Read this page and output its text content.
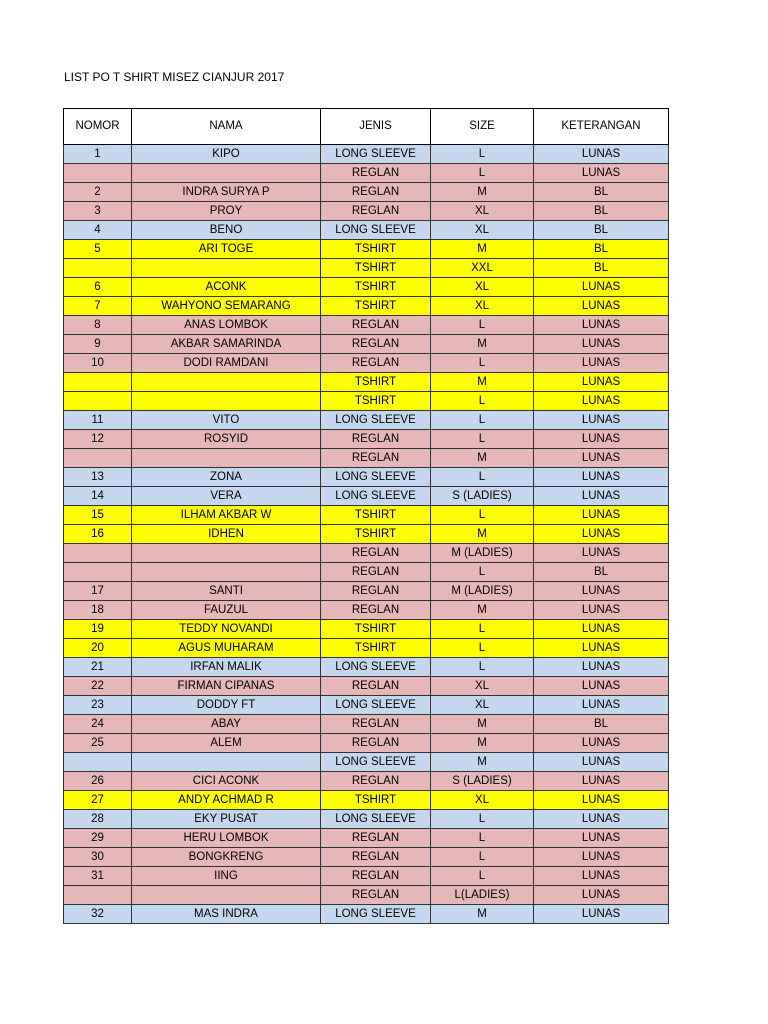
LIST PO T SHIRT MISEZ CIANJUR 2017
NOMOR	NAMA	JENIS	SIZE	KETERANGAN
1	KIPO	LONG SLEEVE	L	LUNAS
		REGLAN	L	LUNAS
2	INDRA SURYA P	REGLAN	M	BL
3	PROY	REGLAN	XL	BL
4	BENO	LONG SLEEVE	XL	BL
5	ARI TOGE	TSHIRT	M	BL
		TSHIRT	XXL	BL
6	ACONK	TSHIRT	XL	LUNAS
7	WAHYONO SEMARANG	TSHIRT	XL	LUNAS
8	ANAS LOMBOK	REGLAN	L	LUNAS
9	AKBAR SAMARINDA	REGLAN	M	LUNAS
10	DODI RAMDANI	REGLAN	L	LUNAS
		TSHIRT	M	LUNAS
		TSHIRT	L	LUNAS
11	VITO	LONG SLEEVE	L	LUNAS
12	ROSYID	REGLAN	L	LUNAS
		REGLAN	M	LUNAS
13	ZONA	LONG SLEEVE	L	LUNAS
14	VERA	LONG SLEEVE	S (LADIES)	LUNAS
15	ILHAM AKBAR W	TSHIRT	L	LUNAS
16	IDHEN	TSHIRT	M	LUNAS
		REGLAN	M (LADIES)	LUNAS
		REGLAN	L	BL
17	SANTI	REGLAN	M (LADIES)	LUNAS
18	FAUZUL	REGLAN	M	LUNAS
19	TEDDY NOVANDI	TSHIRT	L	LUNAS
20	AGUS MUHARAM	TSHIRT	L	LUNAS
21	IRFAN MALIK	LONG SLEEVE	L	LUNAS
22	FIRMAN CIPANAS	REGLAN	XL	LUNAS
23	DODDY FT	LONG SLEEVE	XL	LUNAS
24	ABAY	REGLAN	M	BL
25	ALEM	REGLAN	M	LUNAS
		LONG SLEEVE	M	LUNAS
26	CICI ACONK	REGLAN	S (LADIES)	LUNAS
27	ANDY ACHMAD R	TSHIRT	XL	LUNAS
28	EKY PUSAT	LONG SLEEVE	L	LUNAS
29	HERU LOMBOK	REGLAN	L	LUNAS
30	BONGKRENG	REGLAN	L	LUNAS
31	IING	REGLAN	L	LUNAS
		REGLAN	L(LADIES)	LUNAS
32	MAS INDRA	LONG SLEEVE	M	LUNAS
